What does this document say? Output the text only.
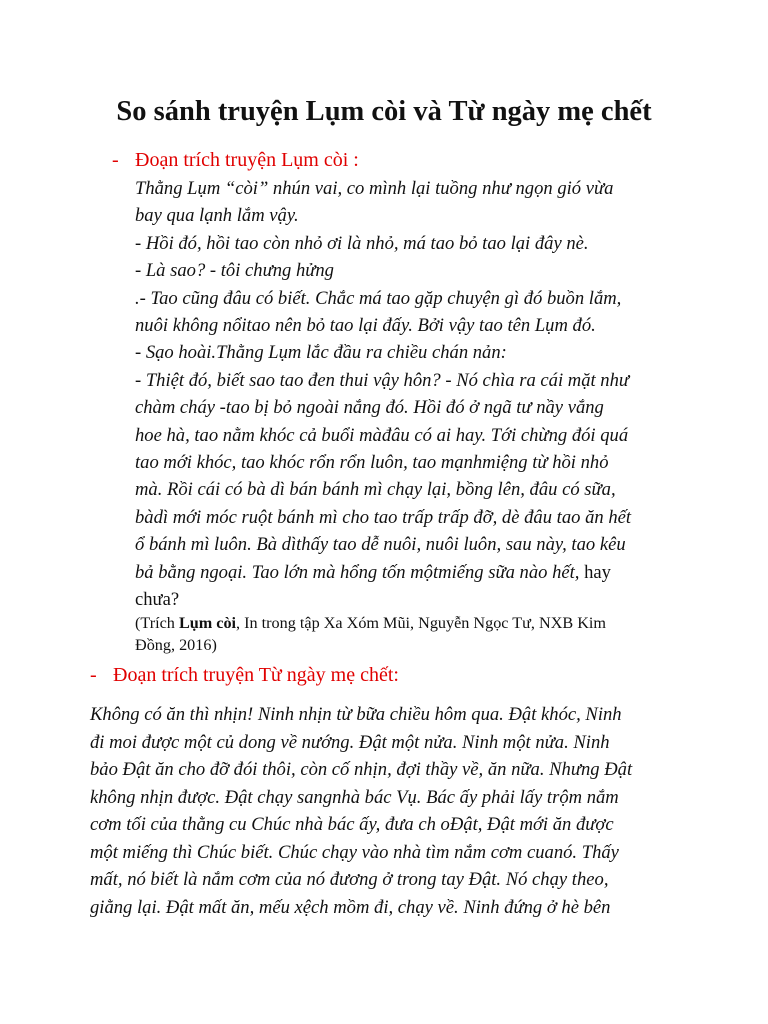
So sánh truyện Lụm còi và Từ ngày mẹ chết
- Đoạn trích truyện Lụm còi :
Thằng Lụm “còi” nhún vai, co mình lại tuồng như ngọn gió vừa
bay qua lạnh lắm vậy.
- Hồi đó, hồi tao còn nhỏ ơi là nhỏ, má tao bỏ tao lại đây nè.
- Là sao? - tôi chưng hửng
.- Tao cũng đâu có biết. Chắc má tao gặp chuyện gì đó buồn lắm,
nuôi không nổitao nên bỏ tao lại đấy. Bởi vậy tao tên Lụm đó.
- Sạo hoài.Thằng Lụm lắc đầu ra chiều chán nản:
- Thiệt đó, biết sao tao đen thui vậy hôn? - Nó chìa ra cái mặt như
chàm cháy -tao bị bỏ ngoài nắng đó. Hồi đó ở ngã tư nầy vắng
hoe hà, tao nằm khóc cả buổi màđâu có ai hay. Tới chừng đói quá
tao mới khóc, tao khóc rổn rổn luôn, tao mạnhmiệng từ hồi nhỏ
mà. Rồi cái có bà dì bán bánh mì chạy lại, bồng lên, đâu có sữa,
bàdì mới móc ruột bánh mì cho tao trấp trấp đỡ, dè đâu tao ăn hết
ổ bánh mì luôn. Bà dìthấy tao dễ nuôi, nuôi luôn, sau này, tao kêu
bả bằng ngoại. Tao lớn mà hổng tốn mộtmiếng sữa nào hết, hay
chưa?
(Trích Lụm còi, In trong tập Xa Xóm Mũi, Nguyễn Ngọc Tư, NXB Kim
Đồng, 2016)
- Đoạn trích truyện Từ ngày mẹ chết:
Không có ăn thì nhịn! Ninh nhịn từ bữa chiều hôm qua. Đật khóc, Ninh
đi moi được một củ dong về nướng. Đật một nửa. Ninh một nửa. Ninh
bảo Đật ăn cho đỡ đói thôi, còn cố nhịn, đợi thầy về, ăn nữa. Nhưng Đật
không nhịn được. Đật chạy sangnhà bác Vụ. Bác ấy phải lấy trộm nắm
cơm tối của thằng cu Chúc nhà bác ấy, đưa ch oĐật, Đật mới ăn được
một miếng thì Chúc biết. Chúc chạy vào nhà tìm nắm cơm cuanó. Thấy
mất, nó biết là nắm cơm của nó đương ở trong tay Đật. Nó chạy theo,
giằng lại. Đật mất ăn, mếu xệch mồm đi, chạy về. Ninh đứng ở hè bên
